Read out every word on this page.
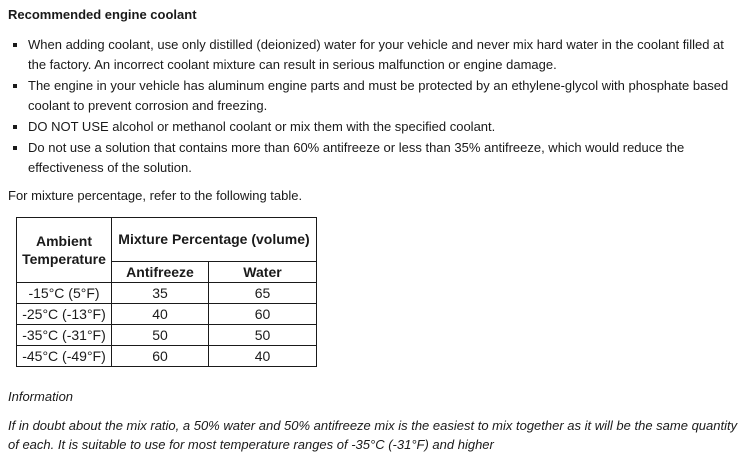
Recommended engine coolant
When adding coolant, use only distilled (deionized) water for your vehicle and never mix hard water in the coolant filled at the factory. An incorrect coolant mixture can result in serious malfunction or engine damage.
The engine in your vehicle has aluminum engine parts and must be protected by an ethylene-glycol with phosphate based coolant to prevent corrosion and freezing.
DO NOT USE alcohol or methanol coolant or mix them with the specified coolant.
Do not use a solution that contains more than 60% antifreeze or less than 35% antifreeze, which would reduce the effectiveness of the solution.
For mixture percentage, refer to the following table.
Ambient Temperature	Mixture Percentage (volume)	
	Antifreeze	Water
-15°C (5°F)	35	65
-25°C (-13°F)	40	60
-35°C (-31°F)	50	50
-45°C (-49°F)	60	40
Information
If in doubt about the mix ratio, a 50% water and 50% antifreeze mix is the easiest to mix together as it will be the same quantity of each. It is suitable to use for most temperature ranges of -35°C (-31°F) and higher
